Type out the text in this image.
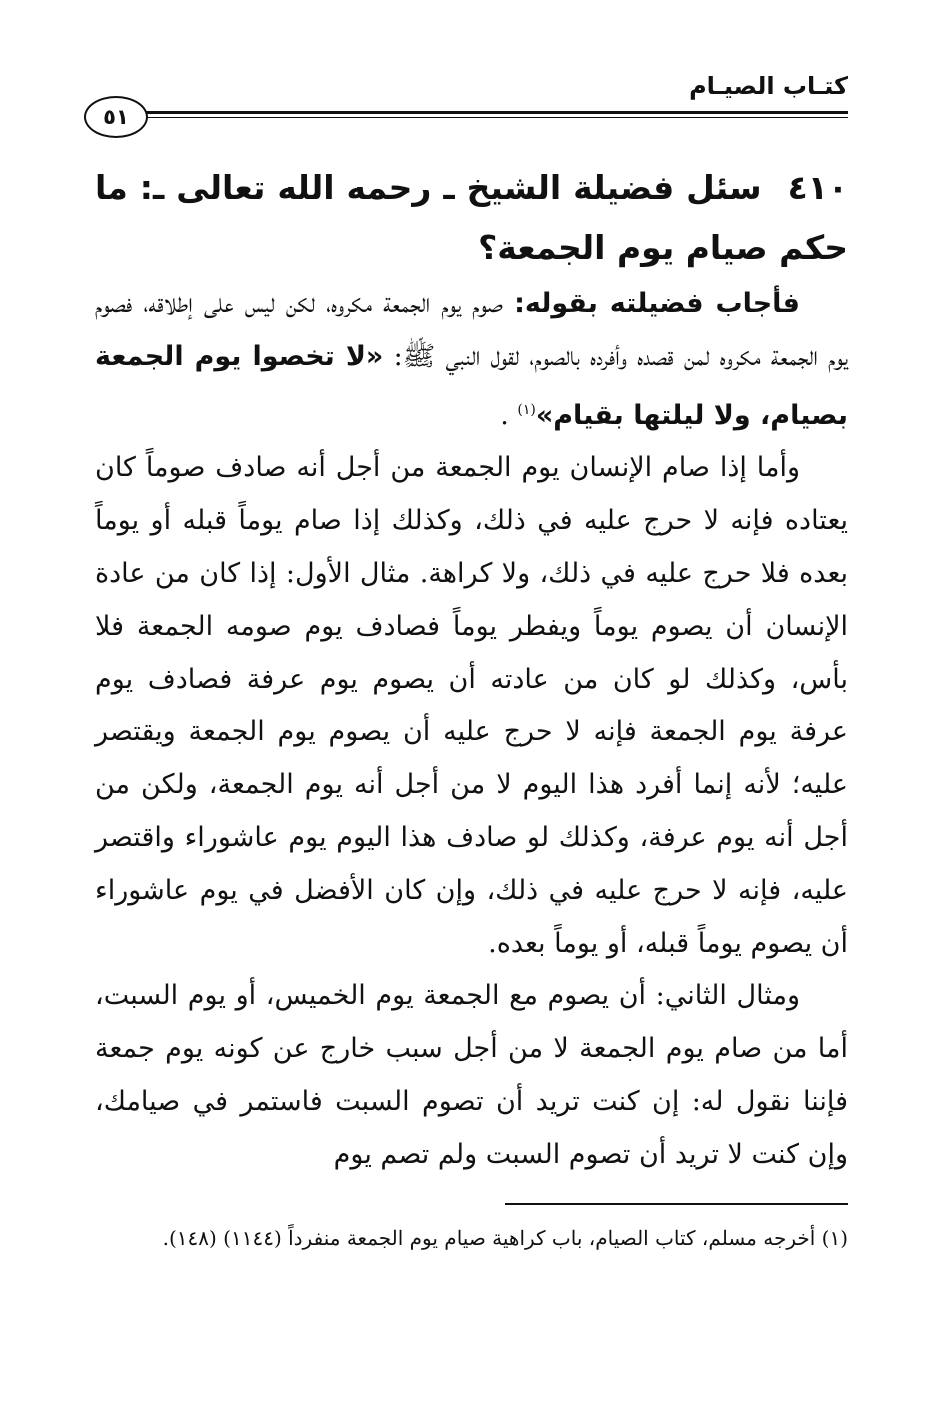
كتـاب الصيـام
٥١

٤١٠سئل فضيلة الشيخ ـ رحمه الله تعالى ـ: ما حكم صيام يوم الجمعة؟

فأجاب فضيلته بقوله: صوم يوم الجمعة مكروه، لكن ليس على إطلاقه، فصوم يوم الجمعة مكروه لمن قصده وأفرده بالصوم، لقول النبي ﷺ: «لا تخصوا يوم الجمعة بصيام، ولا ليلتها بقيام»$^{(١)}$ .

وأما إذا صام الإنسان يوم الجمعة من أجل أنه صادف صوماً كان يعتاده فإنه لا حرج عليه في ذلك، وكذلك إذا صام يوماً قبله أو يوماً بعده فلا حرج عليه في ذلك، ولا كراهة. مثال الأول: إذا كان من عادة الإنسان أن يصوم يوماً ويفطر يوماً فصادف يوم صومه الجمعة فلا بأس، وكذلك لو كان من عادته أن يصوم يوم عرفة فصادف يوم عرفة يوم الجمعة فإنه لا حرج عليه أن يصوم يوم الجمعة ويقتصر عليه؛ لأنه إنما أفرد هذا اليوم لا من أجل أنه يوم الجمعة، ولكن من أجل أنه يوم عرفة، وكذلك لو صادف هذا اليوم يوم عاشوراء واقتصر عليه، فإنه لا حرج عليه في ذلك، وإن كان الأفضل في يوم عاشوراء أن يصوم يوماً قبله، أو يوماً بعده.

ومثال الثاني: أن يصوم مع الجمعة يوم الخميس، أو يوم السبت، أما من صام يوم الجمعة لا من أجل سبب خارج عن كونه يوم جمعة فإننا نقول له: إن كنت تريد أن تصوم السبت فاستمر في صيامك، وإن كنت لا تريد أن تصوم السبت ولم تصم يوم

(١) أخرجه مسلم، كتاب الصيام، باب كراهية صيام يوم الجمعة منفرداً (١١٤٤) (١٤٨).
